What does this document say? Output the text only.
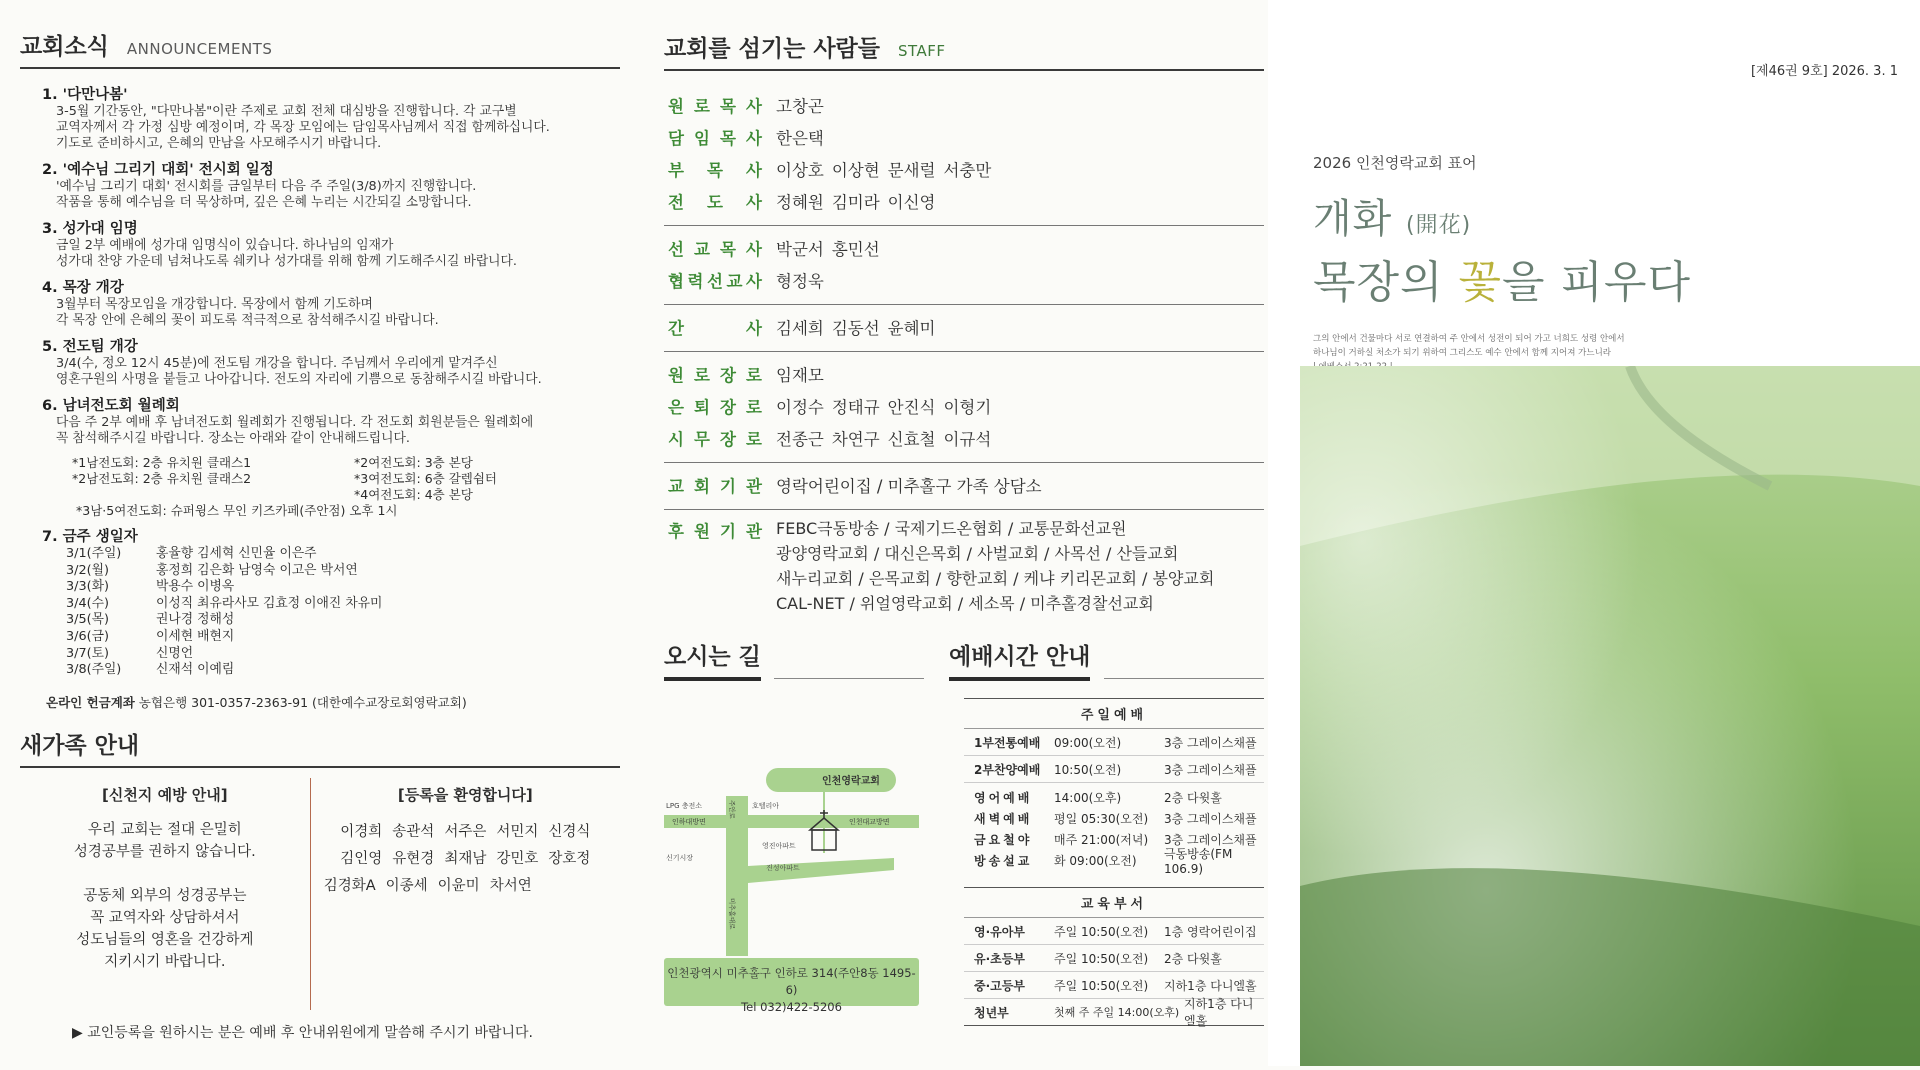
교회소식 ANNOUNCEMENTS
1. '다만나봄'
3-5월 기간동안, "다만나봄"이란 주제로 교회 전체 대심방을 진행합니다. 각 교구별
교역자께서 각 가정 심방 예정이며, 각 목장 모임에는 담임목사님께서 직접 함께하십니다.
기도로 준비하시고, 은혜의 만남을 사모해주시기 바랍니다.
2. '예수님 그리기 대회' 전시회 일정
'예수님 그리기 대회' 전시회를 금일부터 다음 주 주일(3/8)까지 진행합니다.
작품을 통해 예수님을 더 묵상하며, 깊은 은혜 누리는 시간되길 소망합니다.
3. 성가대 임명
금일 2부 예배에 성가대 임명식이 있습니다. 하나님의 임재가
성가대 찬양 가운데 넘쳐나도록 쉐키나 성가대를 위해 함께 기도해주시길 바랍니다.
4. 목장 개강
3월부터 목장모임을 개강합니다. 목장에서 함께 기도하며
각 목장 안에 은혜의 꽃이 피도록 적극적으로 참석해주시길 바랍니다.
5. 전도팀 개강
3/4(수, 정오 12시 45분)에 전도팀 개강을 합니다. 주님께서 우리에게 맡겨주신
영혼구원의 사명을 붙들고 나아갑니다. 전도의 자리에 기쁨으로 동참해주시길 바랍니다.
6. 남녀전도회 월례회
다음 주 2부 예배 후 남녀전도회 월례회가 진행됩니다. 각 전도회 회원분들은 월례회에
꼭 참석해주시길 바랍니다. 장소는 아래와 같이 안내해드립니다.
*1남전도회: 2층 유치원 클래스1	*2여전도회: 3층 본당
*2남전도회: 2층 유치원 클래스2	*3여전도회: 6층 갈렙쉼터
*4여전도회: 4층 본당
*3남·5여전도회: 슈퍼윙스 무인 키즈카페(주안점) 오후 1시
7. 금주 생일자
3/1(주일)	홍율향 김세혁 신민율 이은주
3/2(월)	홍정희 김은화 남영숙 이고은 박서연
3/3(화)	박용수 이병옥
3/4(수)	이성직 최유라사모 김효정 이애진 차유미
3/5(목)	권나경 정해성
3/6(금)	이세현 배현지
3/7(토)	신명언
3/8(주일)	신재석 이예림
온라인 헌금계좌 농협은행 301-0357-2363-91 (대한예수교장로회영락교회)
새가족 안내
[신천지 예방 안내]
우리 교회는 절대 은밀히
성경공부를 권하지 않습니다.

공동체 외부의 성경공부는
꼭 교역자와 상담하셔서
성도님들의 영혼을 건강하게
지키시기 바랍니다.
[등록을 환영합니다]
이경희 송관석 서주은 서민지 신경식
김인영 유현경 최재남 강민호 장호정
김경화A 이종세 이윤미 차서연
▶ 교인등록을 원하시는 분은 예배 후 안내위원에게 말씀해 주시기 바랍니다.
교회를 섬기는 사람들 STAFF
원 로 목 사 고창곤
담 임 목 사 한은택
부 목 사 이상호 이상현 문새럴 서충만
전 도 사 정혜원 김미라 이신영
선 교 목 사 박군서 홍민선
협 력 선 교 사 형정욱
간	사 김세희 김동선 윤혜미
원 로 장 로 임재모
은 퇴 장 로 이정수 정태규 안진식 이형기
시 무 장 로 전종근 차연구 신효철 이규석
교 회 기 관 영락어린이집 / 미추홀구 가족 상담소
후 원 기 관 FEBC극동방송 / 국제기드온협회 / 교통문화선교원
광양영락교회 / 대신은목회 / 사벌교회 / 사목선 / 산들교회
새누리교회 / 은목교회 / 향한교회 / 케냐 키리몬교회 / 봉양교회
CAL-NET / 위얼영락교회 / 세소목 / 미추홀경찰선교회
오시는 길	예배시간 안내
인천영락교회
LPG 충전소	호텔리아
인하대방면	인천대교방면
영진아파트
신기시장
진성아파트
주안로
미추홀대로
인천광역시 미추홀구 인하로 314(주안8동 1495-6)
Tel 032)422-5206
주일예배
1부전통예배	09:00(오전)	3층 그레이스채플
2부찬양예배	10:50(오전)	3층 그레이스채플
영어예배	14:00(오후)	2층 다윗홀
새벽예배	평일 05:30(오전)	3층 그레이스채플
금요철야	매주 21:00(저녁)	3층 그레이스채플
방송설교	화 09:00(오전)	극동방송(FM 106.9)
교육부서
영·유아부	주일 10:50(오전)	1층 영락어린이집
유·초등부	주일 10:50(오전)	2층 다윗홀
중·고등부	주일 10:50(오전)	지하1층 다니엘홀
청년부	첫째 주 주일 14:00(오후)
지하1층 다니엘홀
[제46권 9호] 2026. 3. 1
2026 인천영락교회 표어
개화 (開花)
목장의 꽃을 피우다
그의 안에서 건물마다 서로 연결하여 주 안에서 성전이 되어 가고 너희도 성령 안에서
하나님이 거하실 처소가 되기 위하여 그리스도 예수 안에서 함께 지어져 가느니라
